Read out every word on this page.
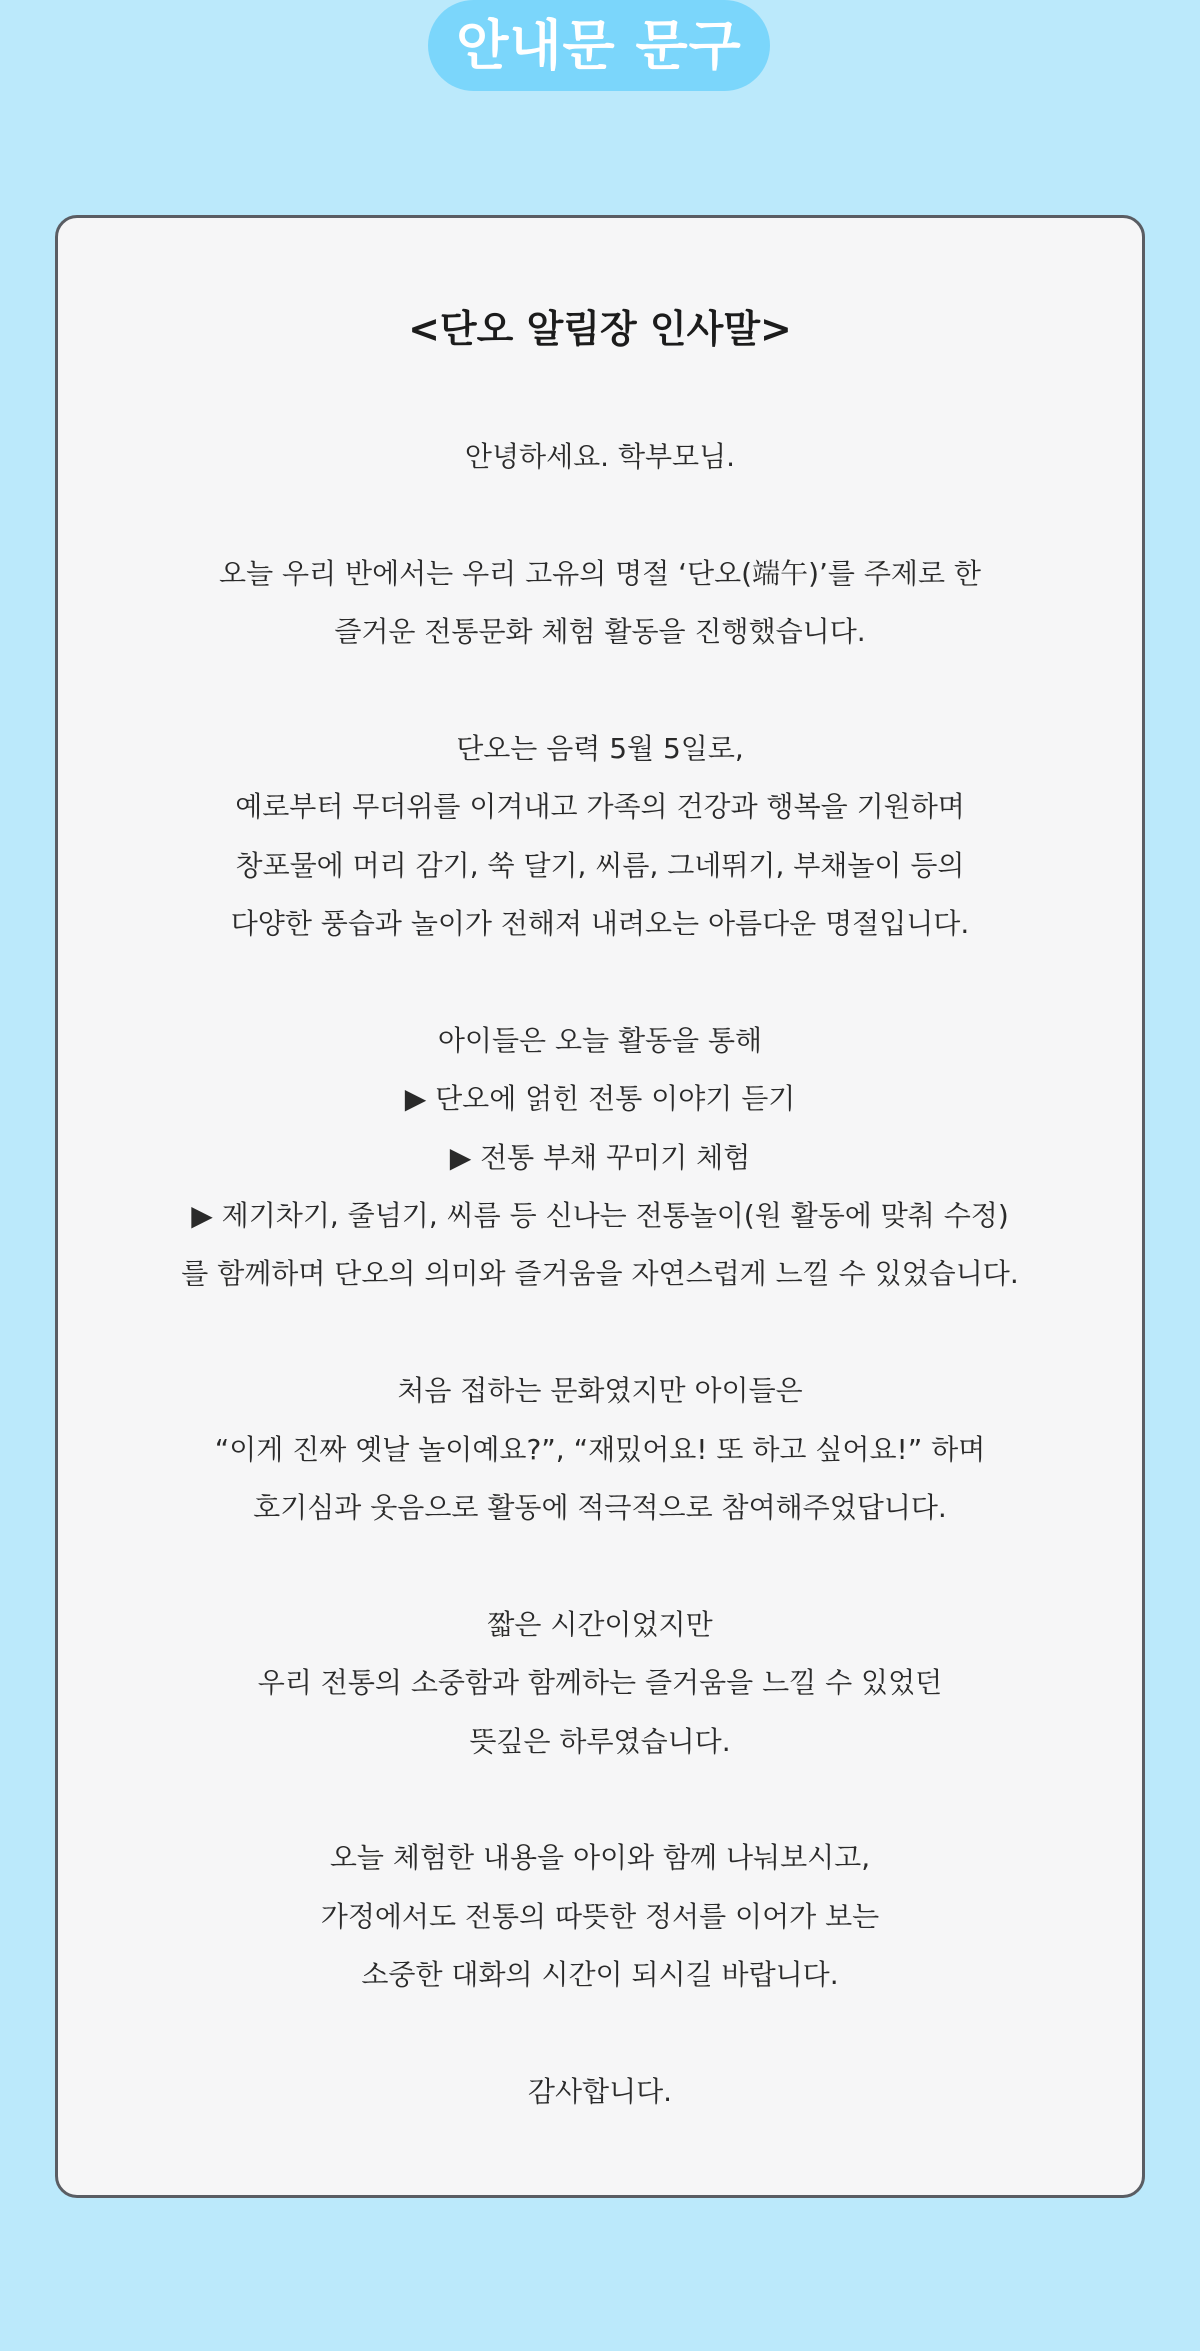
안내문 문구
<단오 알림장 인사말>
안녕하세요. 학부모님.
오늘 우리 반에서는 우리 고유의 명절 ‘단오(端午)’를 주제로 한
즐거운 전통문화 체험 활동을 진행했습니다.
단오는 음력 5월 5일로,
예로부터 무더위를 이겨내고 가족의 건강과 행복을 기원하며
창포물에 머리 감기, 쑥 달기, 씨름, 그네뛰기, 부채놀이 등의
다양한 풍습과 놀이가 전해져 내려오는 아름다운 명절입니다.
아이들은 오늘 활동을 통해
▶ 단오에 얽힌 전통 이야기 듣기
▶ 전통 부채 꾸미기 체험
▶ 제기차기, 줄넘기, 씨름 등 신나는 전통놀이(원 활동에 맞춰 수정)
를 함께하며 단오의 의미와 즐거움을 자연스럽게 느낄 수 있었습니다.
처음 접하는 문화였지만 아이들은
“이게 진짜 옛날 놀이예요?”, “재밌어요! 또 하고 싶어요!” 하며
호기심과 웃음으로 활동에 적극적으로 참여해주었답니다.
짧은 시간이었지만
우리 전통의 소중함과 함께하는 즐거움을 느낄 수 있었던
뜻깊은 하루였습니다.
오늘 체험한 내용을 아이와 함께 나눠보시고,
가정에서도 전통의 따뜻한 정서를 이어가 보는
소중한 대화의 시간이 되시길 바랍니다.
감사합니다.
